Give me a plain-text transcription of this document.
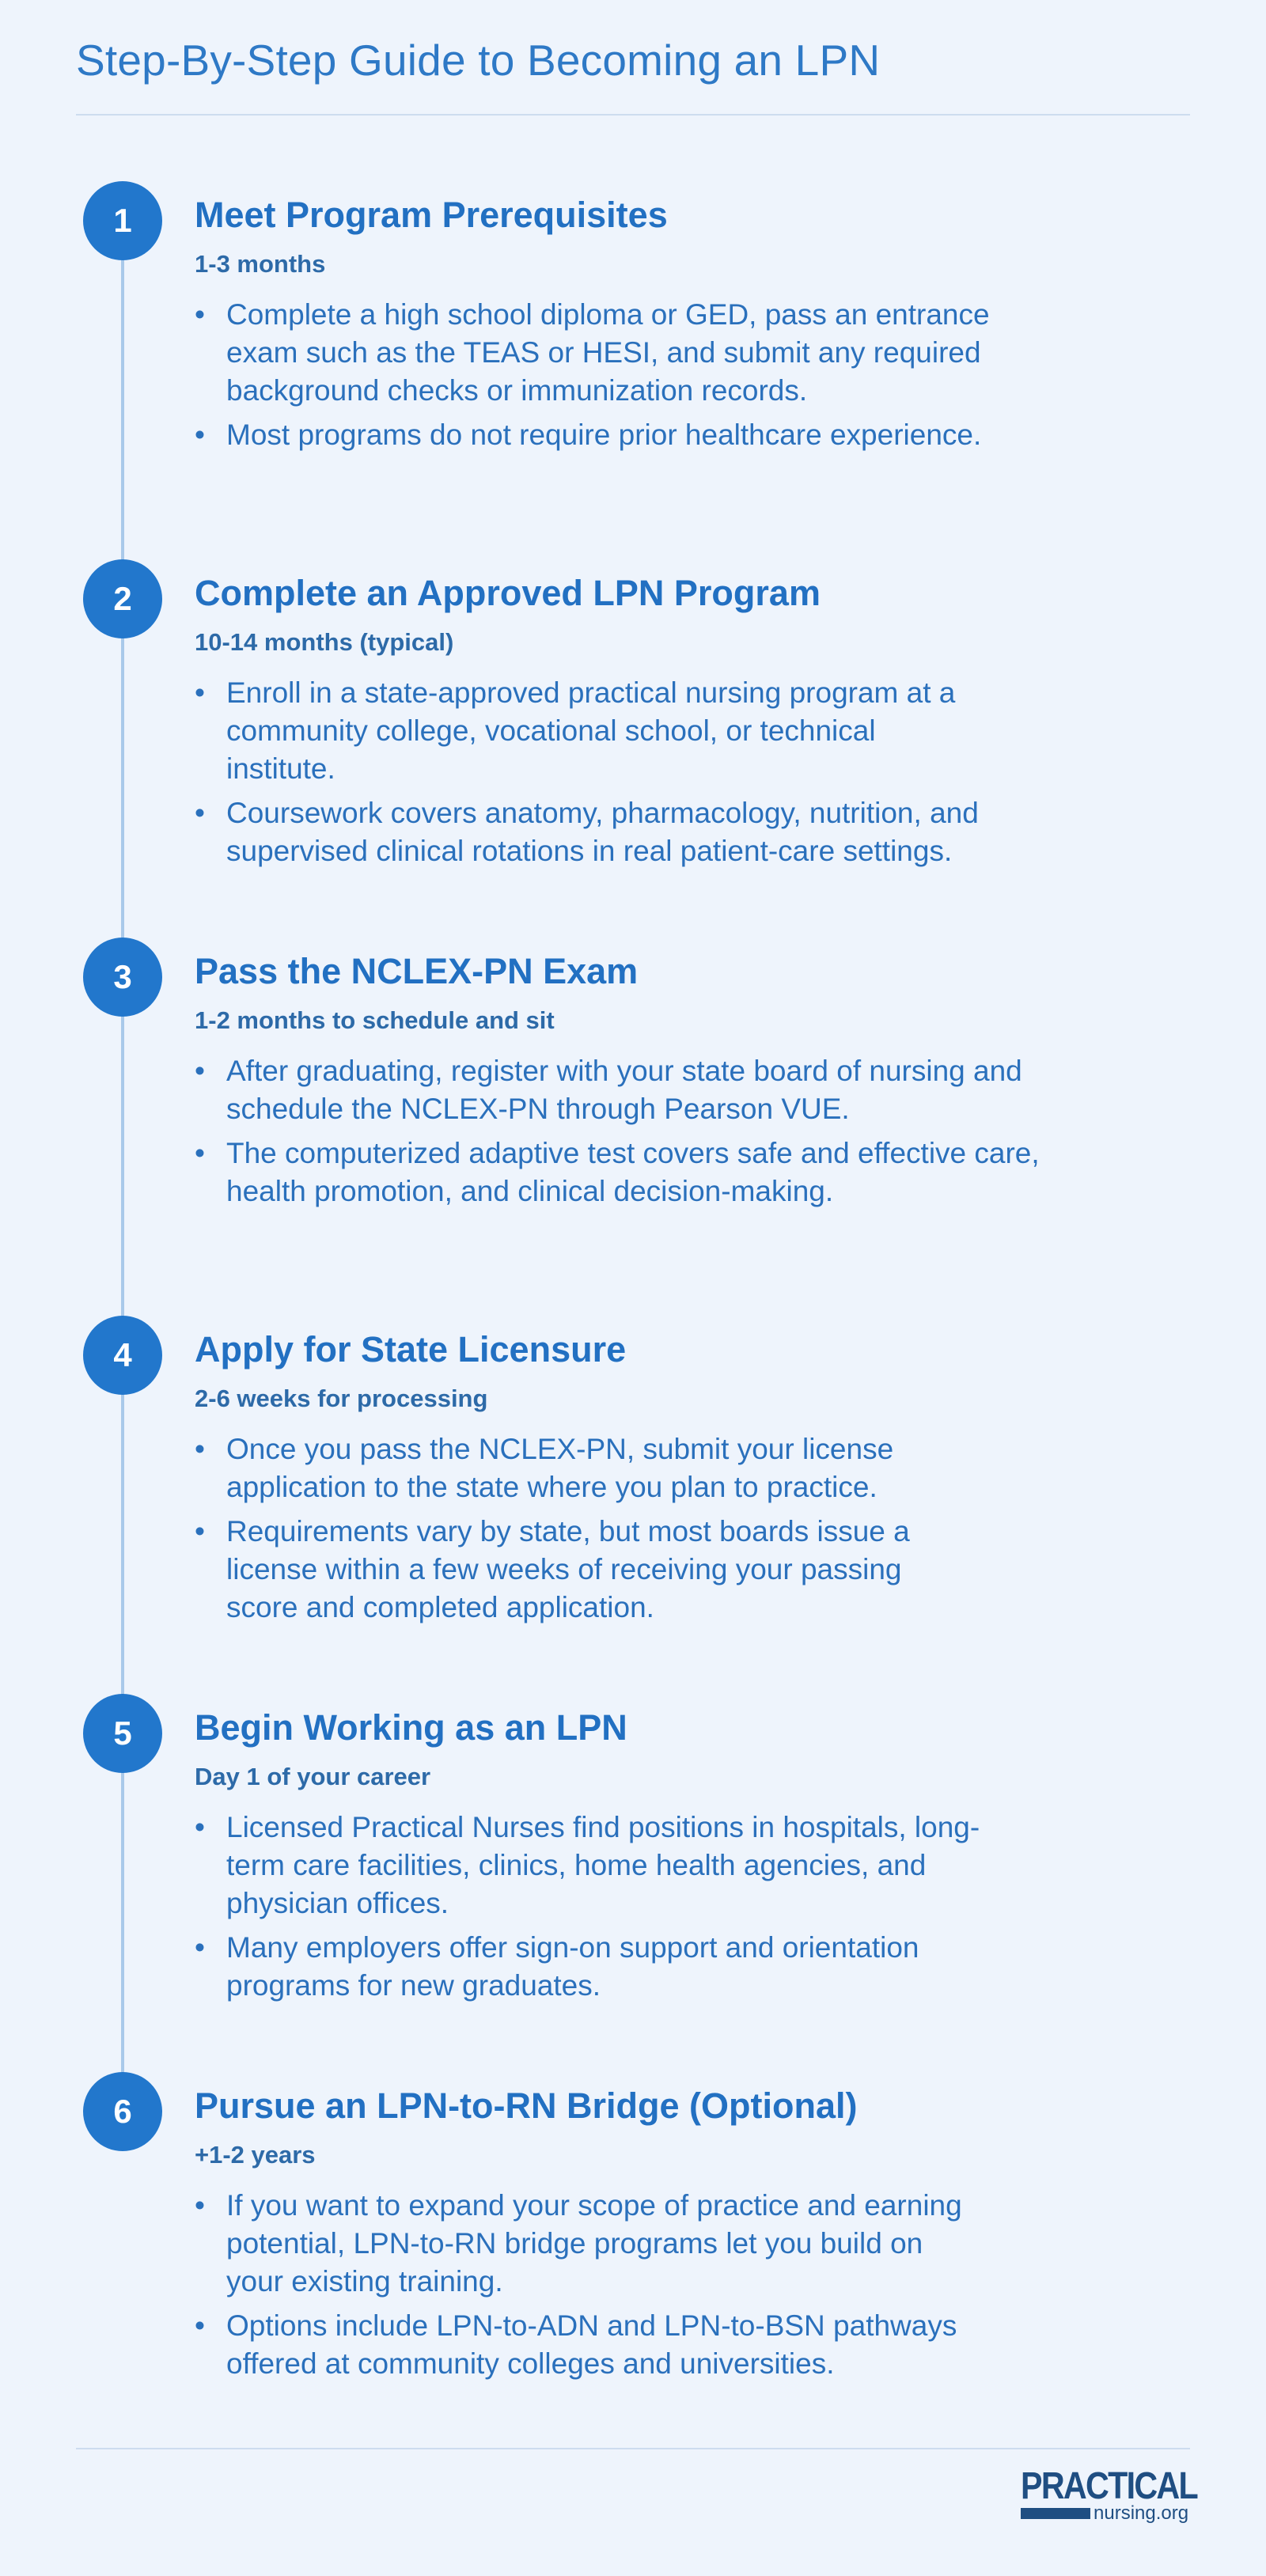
Step-By-Step Guide to Becoming an LPN
1	Meet Program Prerequisites
1-3 months
• Complete a high school diploma or GED, pass an entrance exam such as the TEAS or HESI, and submit any required background checks or immunization records.
• Most programs do not require prior healthcare experience.
2	Complete an Approved LPN Program
10-14 months (typical)
• Enroll in a state-approved practical nursing program at a community college, vocational school, or technical institute.
• Coursework covers anatomy, pharmacology, nutrition, and supervised clinical rotations in real patient-care settings.
3	Pass the NCLEX-PN Exam
1-2 months to schedule and sit
• After graduating, register with your state board of nursing and schedule the NCLEX-PN through Pearson VUE.
• The computerized adaptive test covers safe and effective care, health promotion, and clinical decision-making.
4	Apply for State Licensure
2-6 weeks for processing
• Once you pass the NCLEX-PN, submit your license application to the state where you plan to practice.
• Requirements vary by state, but most boards issue a license within a few weeks of receiving your passing score and completed application.
5	Begin Working as an LPN
Day 1 of your career
• Licensed Practical Nurses find positions in hospitals, long-term care facilities, clinics, home health agencies, and physician offices.
• Many employers offer sign-on support and orientation programs for new graduates.
6	Pursue an LPN-to-RN Bridge (Optional)
+1-2 years
• If you want to expand your scope of practice and earning potential, LPN-to-RN bridge programs let you build on your existing training.
• Options include LPN-to-ADN and LPN-to-BSN pathways offered at community colleges and universities.
PRACTICAL
nursing.org
